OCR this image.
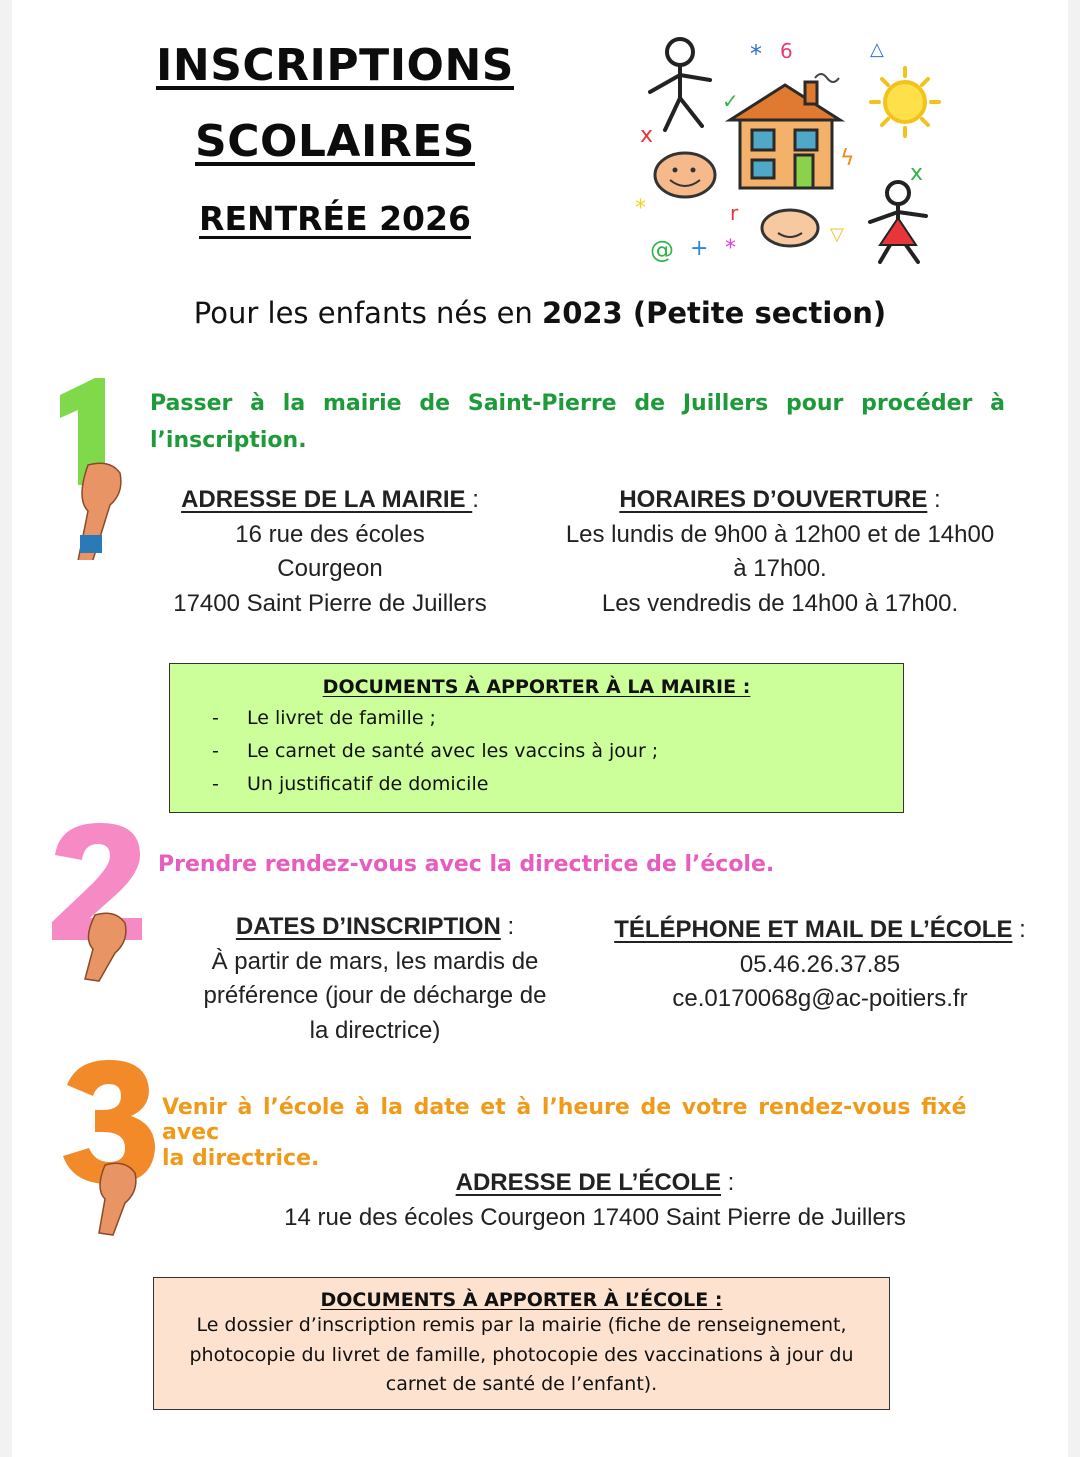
INSCRIPTIONS
SCOLAIRES
RENTRÉE 2026
* 6
x
✓
ϟ
x
*
@ + *
r
△
▽
Pour les enfants nés en 2023 (Petite section)
Passer à la mairie de Saint-Pierre de Juillers pour procéder à l’inscription.
ADRESSE DE LA MAIRIE :
16 rue des écoles
Courgeon
17400 Saint Pierre de Juillers
HORAIRES D’OUVERTURE :
Les lundis de 9h00 à 12h00 et de 14h00
à 17h00.
Les vendredis de 14h00 à 17h00.
DOCUMENTS À APPORTER À LA MAIRIE :
- Le livret de famille ;
- Le carnet de santé avec les vaccins à jour ;
- Un justificatif de domicile
Prendre rendez-vous avec la directrice de l’école.
DATES D’INSCRIPTION :
À partir de mars, les mardis de
préférence (jour de décharge de
la directrice)
TÉLÉPHONE ET MAIL DE L’ÉCOLE :
05.46.26.37.85
ce.0170068g@ac-poitiers.fr
Venir à l’école à la date et à l’heure de votre rendez-vous fixé avec
la directrice.
ADRESSE DE L’ÉCOLE :
14 rue des écoles Courgeon 17400 Saint Pierre de Juillers
DOCUMENTS À APPORTER À L’ÉCOLE :
Le dossier d’inscription remis par la mairie (fiche de renseignement,
photocopie du livret de famille, photocopie des vaccinations à jour du
carnet de santé de l’enfant).
